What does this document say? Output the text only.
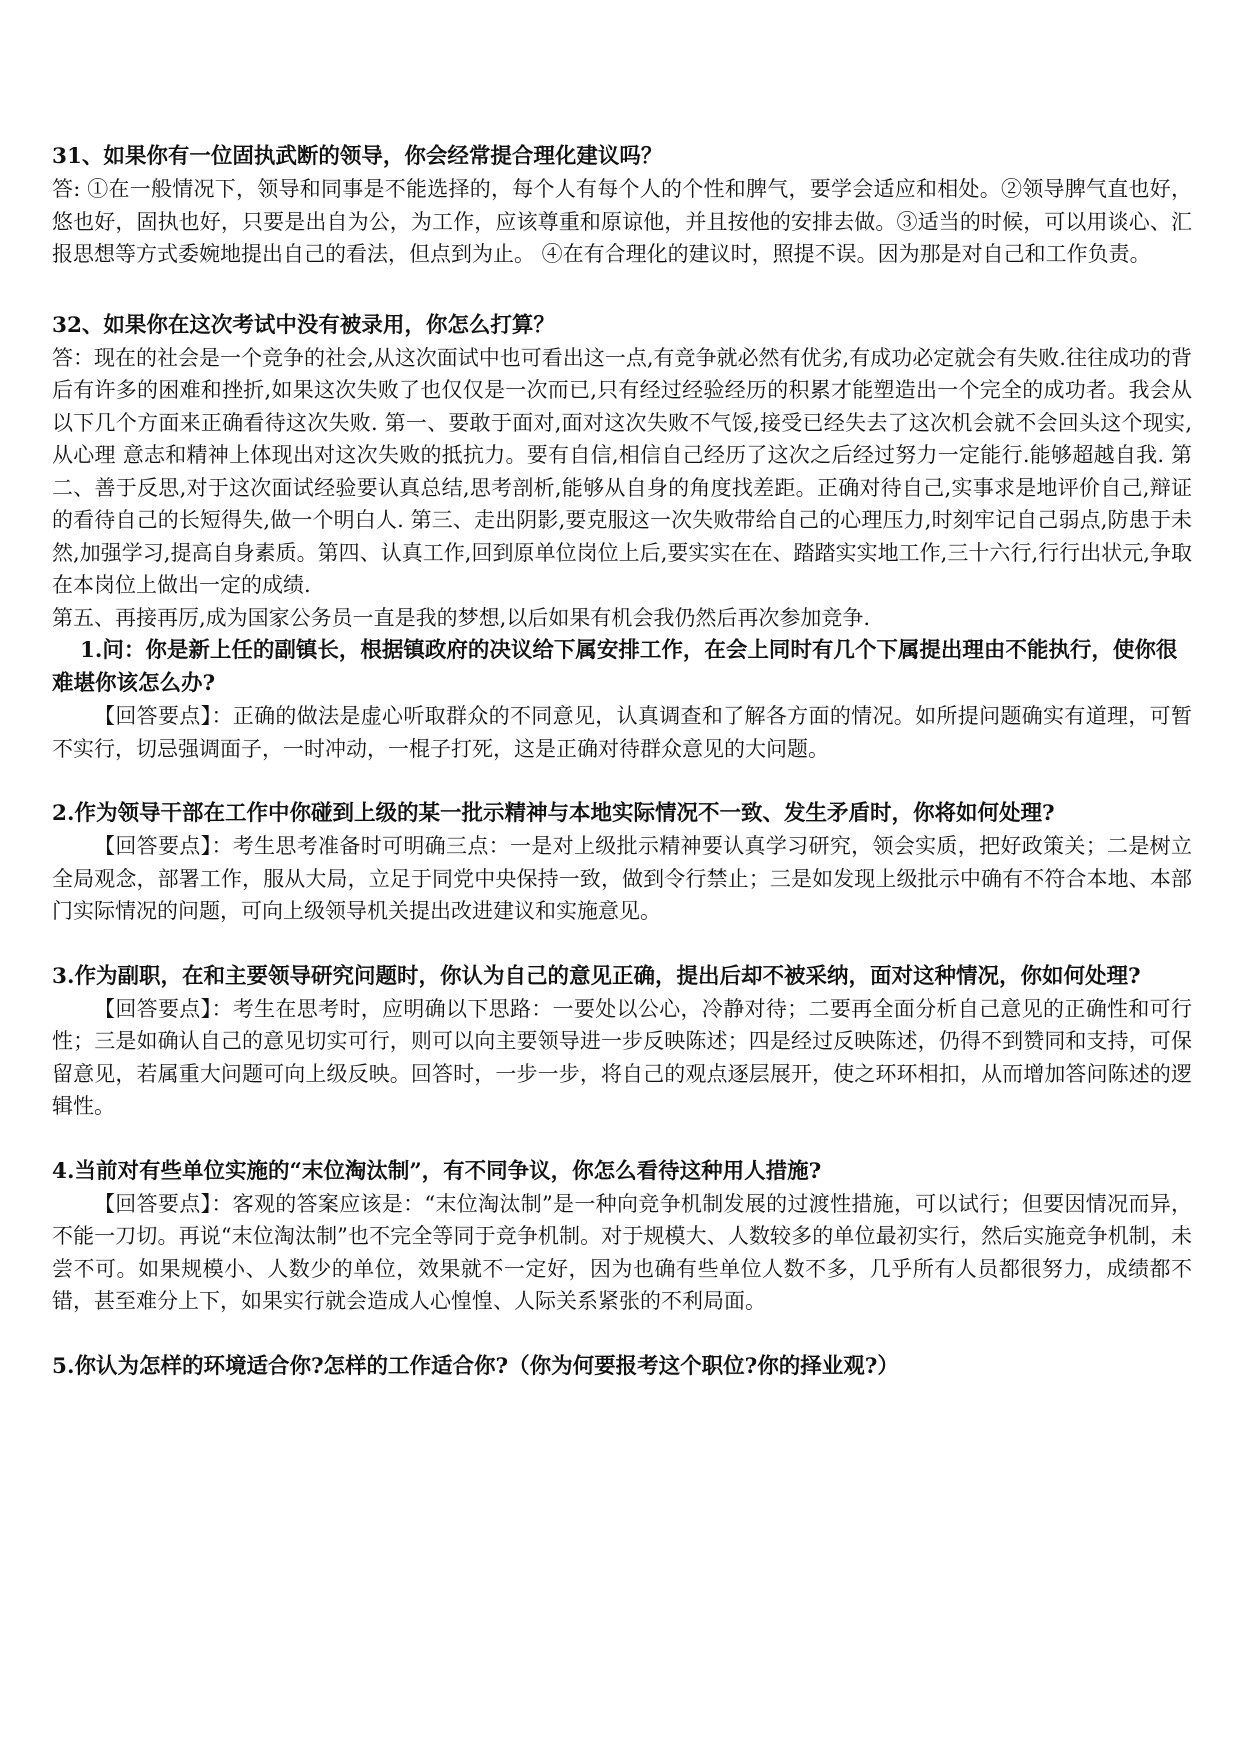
31、如果你有一位固执武断的领导，你会经常提合理化建议吗？

答: ①在一般情况下，领导和同事是不能选择的，每个人有每个人的个性和脾气，要学会适应和相处。②领导脾气直也好，悠也好，固执也好，只要是出自为公，为工作，应该尊重和原谅他，并且按他的安排去做。③适当的时候，可以用谈心、汇报思想等方式委婉地提出自己的看法，但点到为止。 ④在有合理化的建议时，照提不误。因为那是对自己和工作负责。

32、如果你在这次考试中没有被录用，你怎么打算？

答：现在的社会是一个竞争的社会,从这次面试中也可看出这一点,有竞争就必然有优劣,有成功必定就会有失败.往往成功的背后有许多的困难和挫折,如果这次失败了也仅仅是一次而已,只有经过经验经历的积累才能塑造出一个完全的成功者。我会从以下几个方面来正确看待这次失败. 第一、要敢于面对,面对这次失败不气馁,接受已经失去了这次机会就不会回头这个现实,从心理 意志和精神上体现出对这次失败的抵抗力。要有自信,相信自己经历了这次之后经过努力一定能行.能够超越自我. 第二、善于反思,对于这次面试经验要认真总结,思考剖析,能够从自身的角度找差距。正确对待自己,实事求是地评价自己,辩证的看待自己的长短得失,做一个明白人. 第三、走出阴影,要克服这一次失败带给自己的心理压力,时刻牢记自己弱点,防患于未然,加强学习,提高自身素质。第四、认真工作,回到原单位岗位上后,要实实在在、踏踏实实地工作,三十六行,行行出状元,争取在本岗位上做出一定的成绩.

第五、再接再厉,成为国家公务员一直是我的梦想,以后如果有机会我仍然后再次参加竞争.

1.问：你是新上任的副镇长，根据镇政府的决议给下属安排工作，在会上同时有几个下属提出理由不能执行，使你很难堪你该怎么办?

【回答要点】：正确的做法是虚心听取群众的不同意见，认真调查和了解各方面的情况。如所提问题确实有道理，可暂不实行，切忌强调面子，一时冲动，一棍子打死，这是正确对待群众意见的大问题。

2.作为领导干部在工作中你碰到上级的某一批示精神与本地实际情况不一致、发生矛盾时，你将如何处理?

【回答要点】：考生思考准备时可明确三点：一是对上级批示精神要认真学习研究，领会实质，把好政策关；二是树立全局观念，部署工作，服从大局，立足于同党中央保持一致，做到令行禁止；三是如发现上级批示中确有不符合本地、本部门实际情况的问题，可向上级领导机关提出改进建议和实施意见。

3.作为副职，在和主要领导研究问题时，你认为自己的意见正确，提出后却不被采纳，面对这种情况，你如何处理?

【回答要点】：考生在思考时，应明确以下思路：一要处以公心，冷静对待；二要再全面分析自己意见的正确性和可行性；三是如确认自己的意见切实可行，则可以向主要领导进一步反映陈述；四是经过反映陈述，仍得不到赞同和支持，可保留意见，若属重大问题可向上级反映。回答时，一步一步，将自己的观点逐层展开，使之环环相扣，从而增加答问陈述的逻辑性。

4.当前对有些单位实施的“末位淘汰制”，有不同争议，你怎么看待这种用人措施?

【回答要点】：客观的答案应该是：“末位淘汰制”是一种向竞争机制发展的过渡性措施，可以试行；但要因情况而异，不能一刀切。再说“末位淘汰制”也不完全等同于竞争机制。对于规模大、人数较多的单位最初实行，然后实施竞争机制，未尝不可。如果规模小、人数少的单位，效果就不一定好，因为也确有些单位人数不多，几乎所有人员都很努力，成绩都不错，甚至难分上下，如果实行就会造成人心惶惶、人际关系紧张的不利局面。

5.你认为怎样的环境适合你?怎样的工作适合你?（你为何要报考这个职位?你的择业观?）
